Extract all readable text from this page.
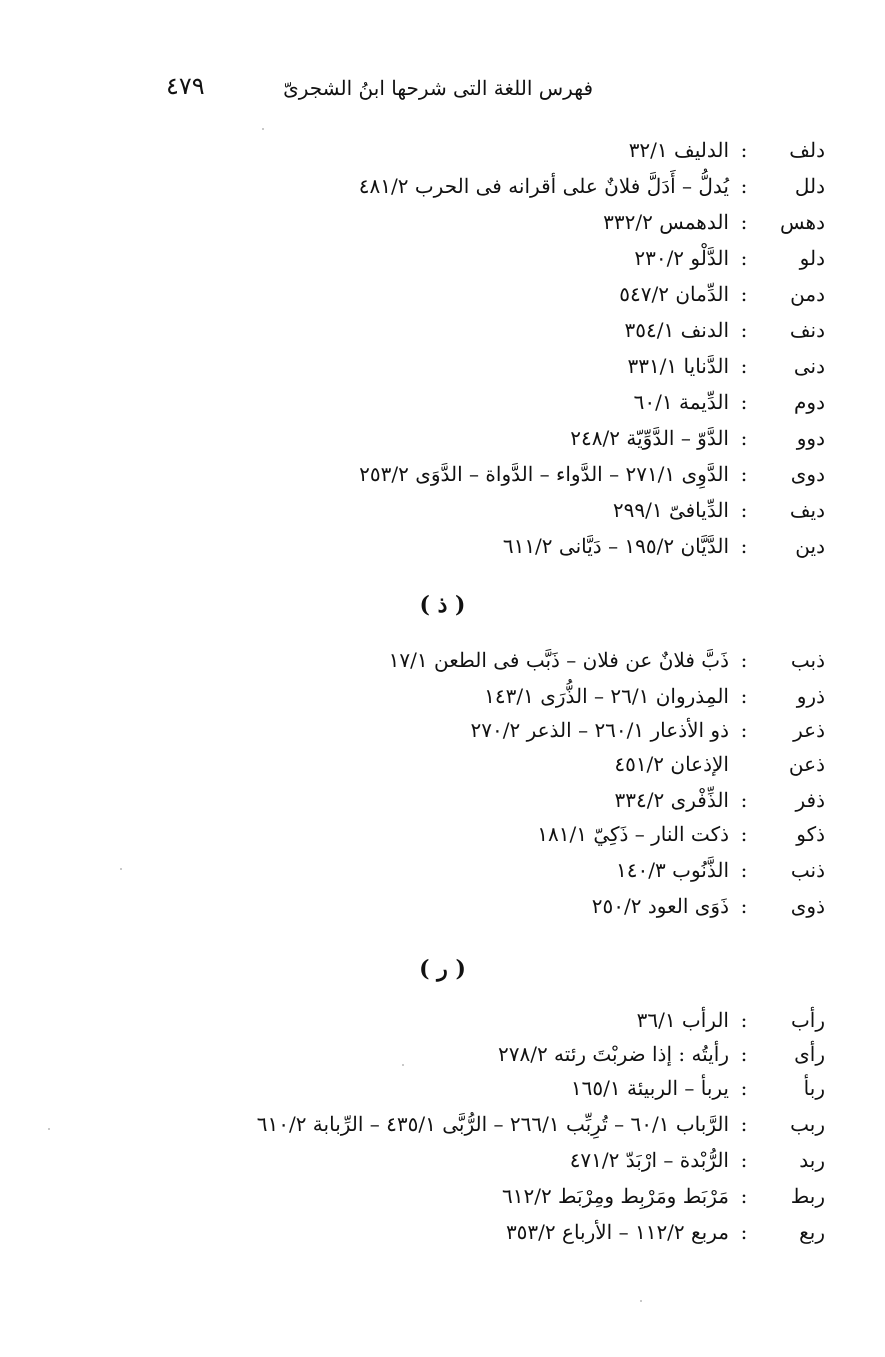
فهرس اللغة التى شرحها ابنُ الشجرىّ
٤٧٩
دلف
:
الدليف ٣٢/١
دلل
:
يُدلُّ – أَدَلَّ فلانٌ على أقرانه فى الحرب ٤٨١/٢
دهس
:
الدهمس ٣٣٢/٢
دلو
:
الدَّلْو ٢٣٠/٢
دمن
:
الدِّمان ٥٤٧/٢
دنف
:
الدنف ٣٥٤/١
دنى
:
الدَّنايا ٣٣١/١
دوم
:
الدِّيمة ٦٠/١
دوو
:
الدَّوّ – الدَّوِّيّة ٢٤٨/٢
دوى
:
الدَّوِى ٢٧١/١ – الدَّواء – الدَّواة – الدَّوَى ٢٥٣/٢
ديف
:
الدِّيافىّ ٢٩٩/١
دين
:
الدَّيَّان ١٩٥/٢ – دَيَّانى ٦١١/٢
( ذ )
ذبب
:
ذَبَّ فلانٌ عن فلان – ذَبَّب فى الطعن ١٧/١
ذرو
:
المِذروان ٢٦/١ – الذُّرَى ١٤٣/١
ذعر
:
ذو الأذعار ٢٦٠/١ – الذعر ٢٧٠/٢
ذعن
الإذعان ٤٥١/٢
ذفر
:
الذِّفْرى ٣٣٤/٢
ذكو
:
ذكت النار – ذَكِيّ ١٨١/١
ذنب
:
الذَّنُوب ١٤٠/٣
ذوى
:
ذَوَى العود ٢٥٠/٢
( ر )
رأب
:
الرأب ٣٦/١
رأى
:
رأيتُه : إذا ضربْتَ رئته ٢٧٨/٢
ربأ
:
يربأ – الربيئة ١٦٥/١
ربب
:
الرَّباب ٦٠/١ – تُرِبِّب ٢٦٦/١ – الرُّبَّى ٤٣٥/١ – الرِّبابة ٦١٠/٢
ربد
:
الرُّبْدة – ارْبَدّ ٤٧١/٢
ربط
:
مَرْبَط ومَرْبِط ومِرْبَط ٦١٢/٢
ربع
:
مربع ١١٢/٢ – الأرباع ٣٥٣/٢
